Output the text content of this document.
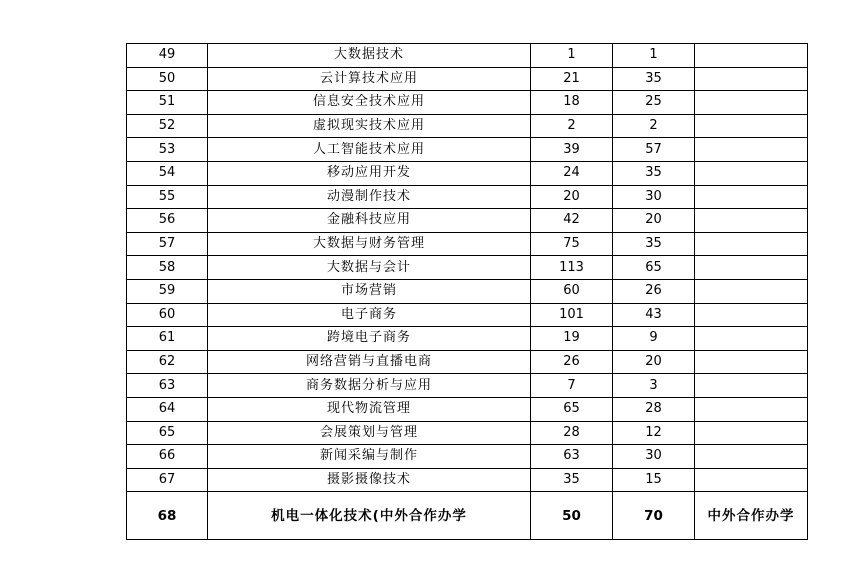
49	大数据技术	1	1	
50	云计算技术应用	21	35	
51	信息安全技术应用	18	25	
52	虚拟现实技术应用	2	2	
53	人工智能技术应用	39	57	
54	移动应用开发	24	35	
55	动漫制作技术	20	30	
56	金融科技应用	42	20	
57	大数据与财务管理	75	35	
58	大数据与会计	113	65	
59	市场营销	60	26	
60	电子商务	101	43	
61	跨境电子商务	19	9	
62	网络营销与直播电商	26	20	
63	商务数据分析与应用	7	3	
64	现代物流管理	65	28	
65	会展策划与管理	28	12	
66	新闻采编与制作	63	30	
67	摄影摄像技术	35	15	
68	机电一体化技术(中外合作办学	50	70	中外合作办学
